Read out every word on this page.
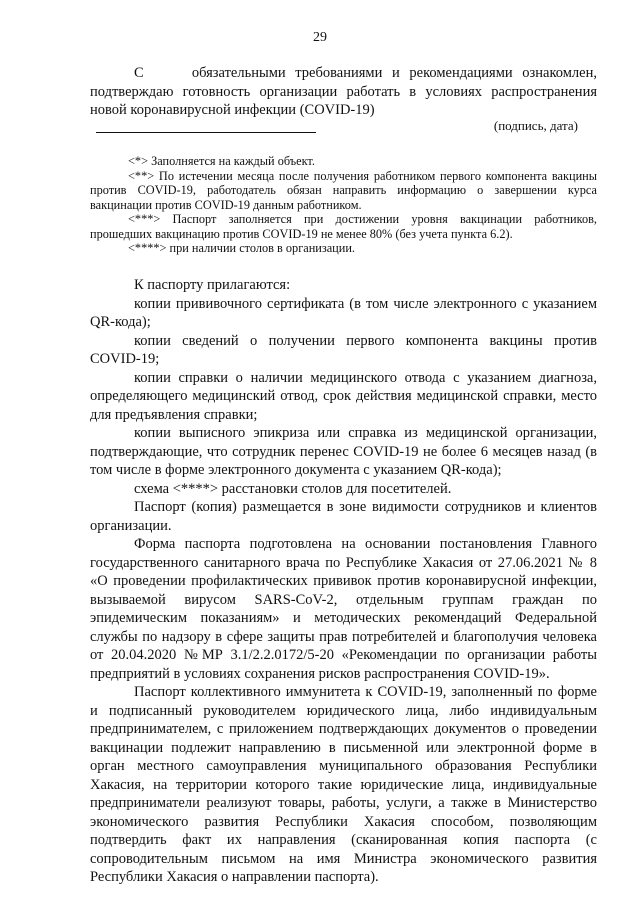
29

С	обязательными требованиями и рекомендациями ознакомлен,

подтверждаю готовность организации работать в условиях распространения

новой коронавирусной инфекции (COVID-19)

(подпись, дата)

<*> Заполняется на каждый объект.

<**> По истечении месяца после получения работником первого компонента вакцины против COVID-19, работодатель обязан направить информацию о завершении курса вакцинации против COVID-19 данным работником.

<***> Паспорт заполняется при достижении уровня вакцинации работников, прошедших вакцинацию против COVID-19 не менее 80% (без учета пункта 6.2).

<****> при наличии столов в организации.

К паспорту прилагаются:

копии прививочного сертификата (в том числе электронного с указанием QR-кода);

копии сведений о получении первого компонента вакцины против COVID-19;

копии справки о наличии медицинского отвода с указанием диагноза, определяющего медицинский отвод, срок действия медицинской справки, место для предъявления справки;

копии выписного эпикриза или справка из медицинской организации, подтверждающие, что сотрудник перенес COVID-19 не более 6 месяцев назад (в том числе в форме электронного документа с указанием QR-кода);

схема <****> расстановки столов для посетителей.

Паспорт (копия) размещается в зоне видимости сотрудников и клиентов организации.

Форма паспорта подготовлена на основании постановления Главного государственного санитарного врача по Республике Хакасия от 27.06.2021 № 8 «О проведении профилактических прививок против коронавирусной инфекции, вызываемой вирусом SARS-CoV-2, отдельным группам граждан по эпидемическим показаниям» и методических рекомендаций Федеральной службы по надзору в сфере защиты прав потребителей и благополучия человека от 20.04.2020 №МР 3.1/2.2.0172/5-20 «Рекомендации по организации работы предприятий в условиях сохранения рисков распространения COVID-19».

Паспорт коллективного иммунитета к COVID-19, заполненный по форме и подписанный руководителем юридического лица, либо индивидуальным предпринимателем, с приложением подтверждающих документов о проведении вакцинации подлежит направлению в письменной или электронной форме в орган местного самоуправления муниципального образования Республики Хакасия, на территории которого такие юридические лица, индивидуальные предприниматели реализуют товары, работы, услуги, а также в Министерство экономического развития Республики Хакасия способом, позволяющим подтвердить факт их направления (сканированная копия паспорта (с сопроводительным письмом на имя Министра экономического развития Республики Хакасия о направлении паспорта).
